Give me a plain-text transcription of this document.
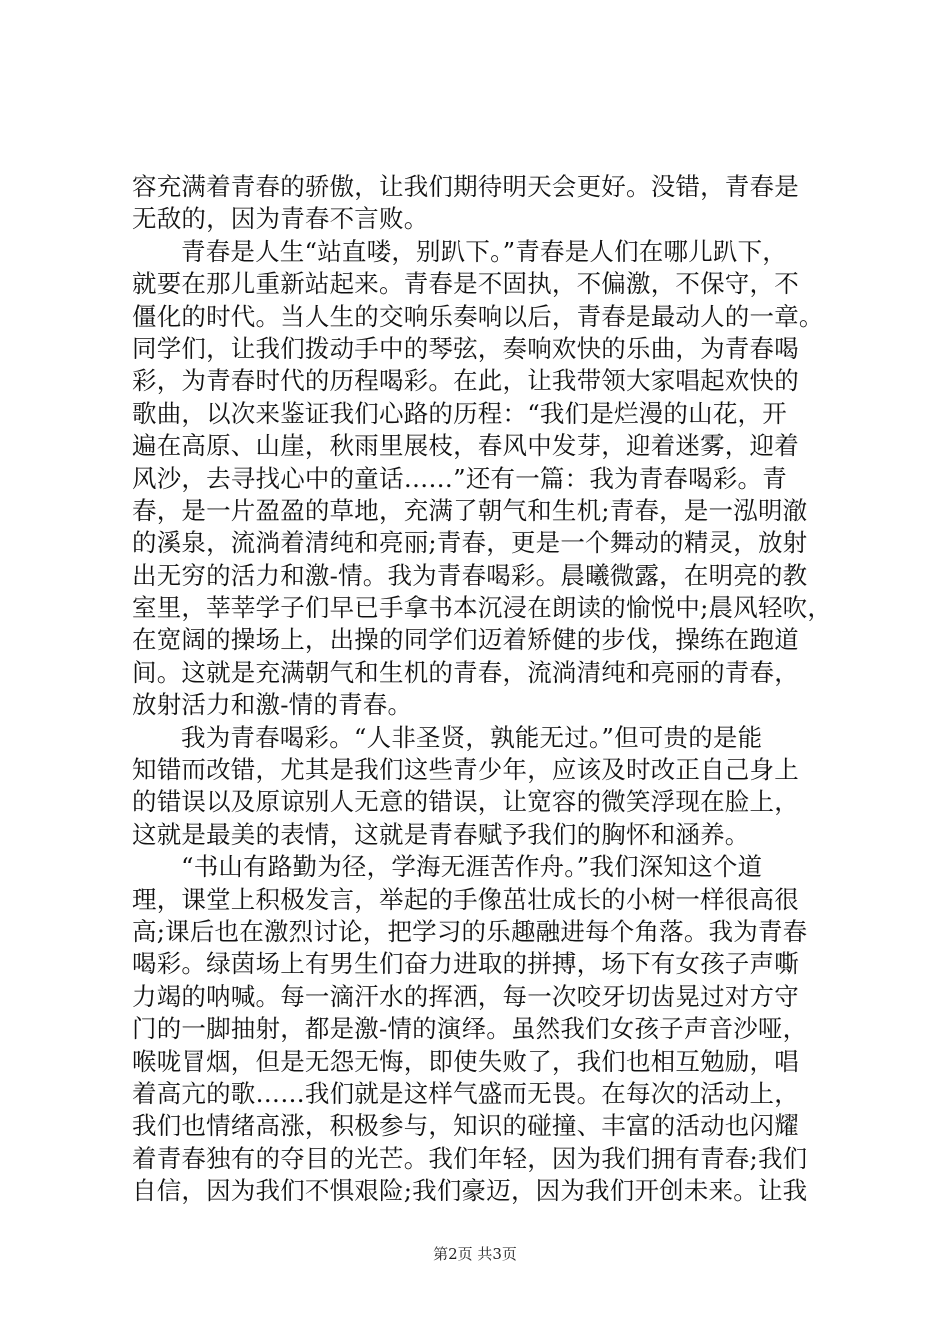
容充满着青春的骄傲，让我们期待明天会更好。没错，青春是
无敌的，因为青春不言败。
青春是人生“站直喽，别趴下。”青春是人们在哪儿趴下，
就要在那儿重新站起来。青春是不固执，不偏激，不保守，不
僵化的时代。当人生的交响乐奏响以后，青春是最动人的一章。
同学们，让我们拨动手中的琴弦，奏响欢快的乐曲，为青春喝
彩，为青春时代的历程喝彩。在此，让我带领大家唱起欢快的
歌曲，以次来鉴证我们心路的历程：“我们是烂漫的山花，开
遍在高原、山崖，秋雨里展枝，春风中发芽，迎着迷雾，迎着
风沙，去寻找心中的童话……”还有一篇：我为青春喝彩。青
春，是一片盈盈的草地，充满了朝气和生机;青春，是一泓明澈
的溪泉，流淌着清纯和亮丽;青春，更是一个舞动的精灵，放射
出无穷的活力和激-情。我为青春喝彩。晨曦微露，在明亮的教
室里，莘莘学子们早已手拿书本沉浸在朗读的愉悦中;晨风轻吹，
在宽阔的操场上，出操的同学们迈着矫健的步伐，操练在跑道
间。这就是充满朝气和生机的青春，流淌清纯和亮丽的青春，
放射活力和激-情的青春。
我为青春喝彩。“人非圣贤，孰能无过。”但可贵的是能
知错而改错，尤其是我们这些青少年，应该及时改正自己身上
的错误以及原谅别人无意的错误，让宽容的微笑浮现在脸上，
这就是最美的表情，这就是青春赋予我们的胸怀和涵养。
“书山有路勤为径，学海无涯苦作舟。”我们深知这个道
理，课堂上积极发言，举起的手像茁壮成长的小树一样很高很
高;课后也在激烈讨论，把学习的乐趣融进每个角落。我为青春
喝彩。绿茵场上有男生们奋力进取的拼搏，场下有女孩子声嘶
力竭的呐喊。每一滴汗水的挥洒，每一次咬牙切齿晃过对方守
门的一脚抽射，都是激-情的演绎。虽然我们女孩子声音沙哑，
喉咙冒烟，但是无怨无悔，即使失败了，我们也相互勉励，唱
着高亢的歌……我们就是这样气盛而无畏。在每次的活动上，
我们也情绪高涨，积极参与，知识的碰撞、丰富的活动也闪耀
着青春独有的夺目的光芒。我们年轻，因为我们拥有青春;我们
自信，因为我们不惧艰险;我们豪迈，因为我们开创未来。让我
第2页 共3页
